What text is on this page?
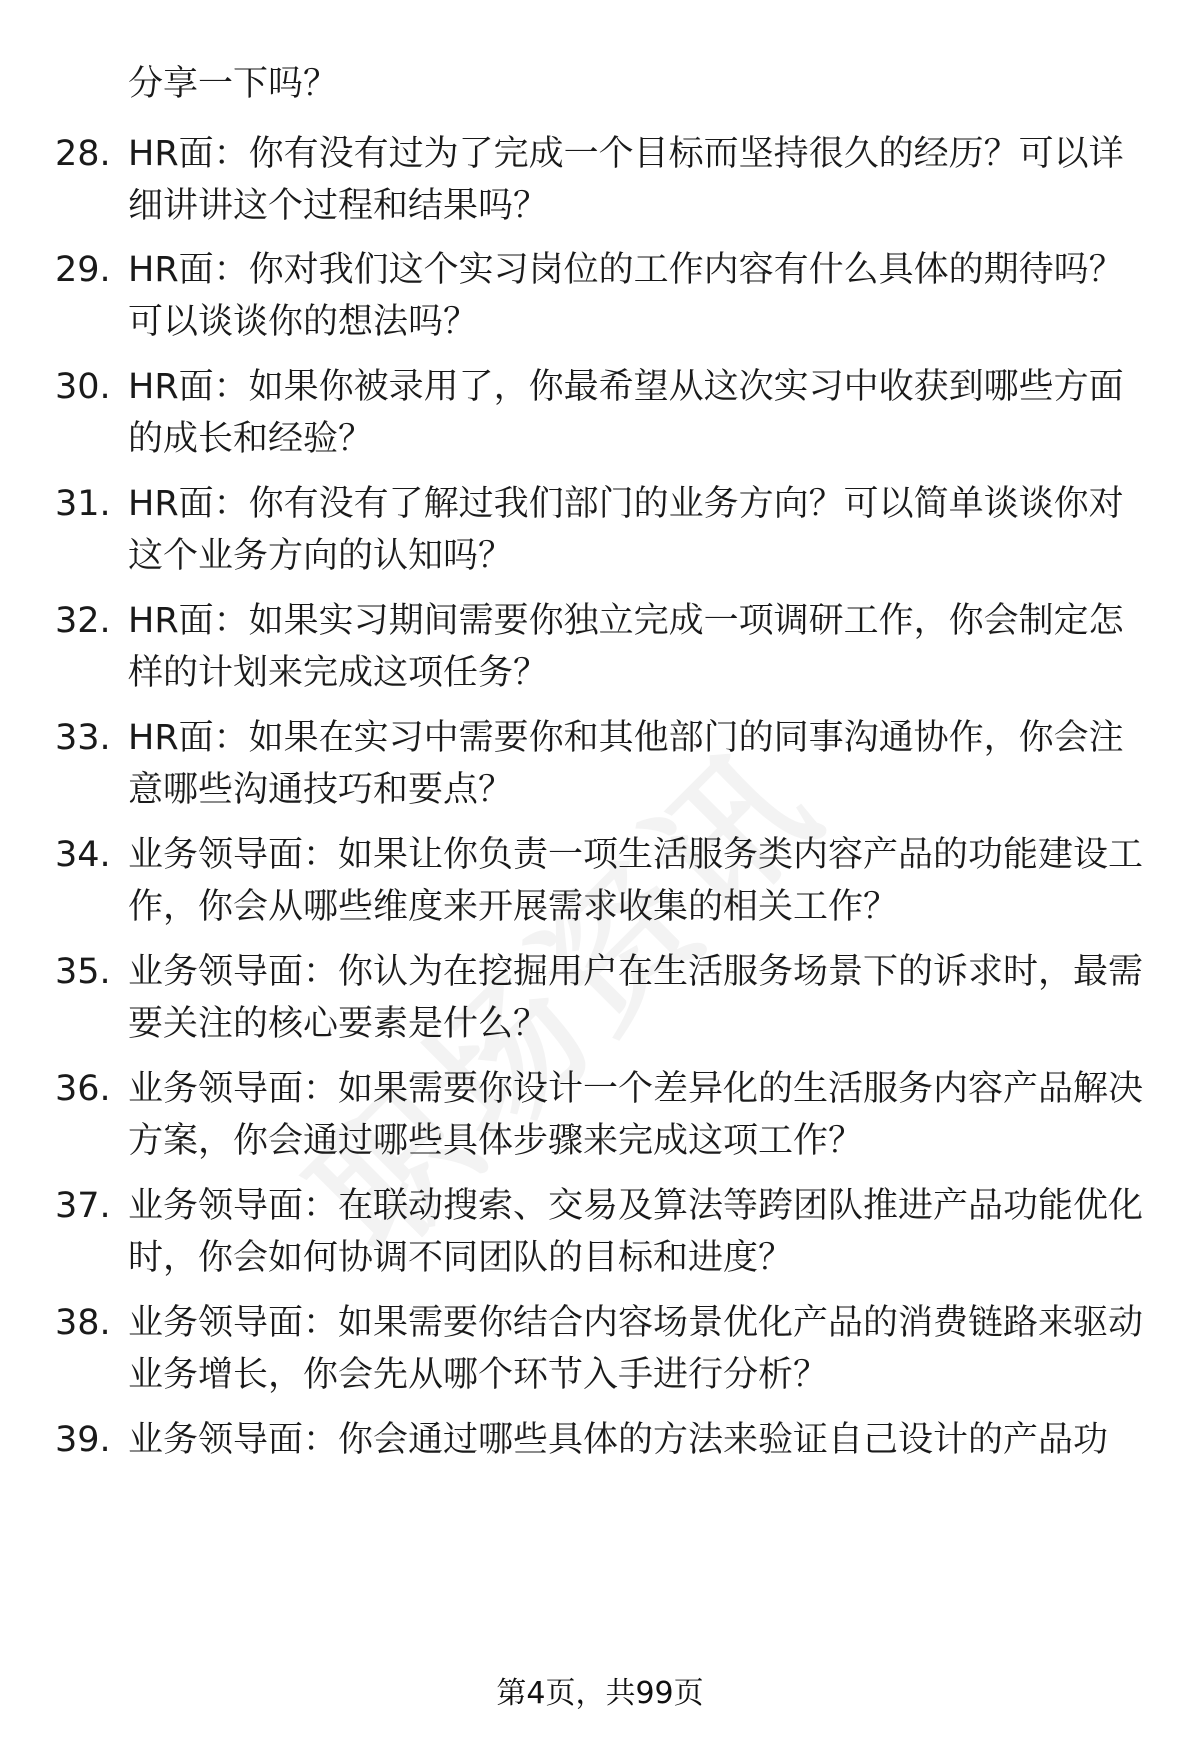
分享一下吗？

28. HR面：你有没有过为了完成一个目标而坚持很久的经历？可以详细讲讲这个过程和结果吗？
29. HR面：你对我们这个实习岗位的工作内容有什么具体的期待吗？可以谈谈你的想法吗？
30. HR面：如果你被录用了，你最希望从这次实习中收获到哪些方面的成长和经验？
31. HR面：你有没有了解过我们部门的业务方向？可以简单谈谈你对这个业务方向的认知吗？
32. HR面：如果实习期间需要你独立完成一项调研工作，你会制定怎样的计划来完成这项任务？
33. HR面：如果在实习中需要你和其他部门的同事沟通协作，你会注意哪些沟通技巧和要点？
34. 业务领导面：如果让你负责一项生活服务类内容产品的功能建设工作，你会从哪些维度来开展需求收集的相关工作？
35. 业务领导面：你认为在挖掘用户在生活服务场景下的诉求时，最需要关注的核心要素是什么？
36. 业务领导面：如果需要你设计一个差异化的生活服务内容产品解决方案，你会通过哪些具体步骤来完成这项工作？
37. 业务领导面：在联动搜索、交易及算法等跨团队推进产品功能优化时，你会如何协调不同团队的目标和进度？
38. 业务领导面：如果需要你结合内容场景优化产品的消费链路来驱动业务增长，你会先从哪个环节入手进行分析？
39. 业务领导面：你会通过哪些具体的方法来验证自己设计的产品功
第4页，共99页
